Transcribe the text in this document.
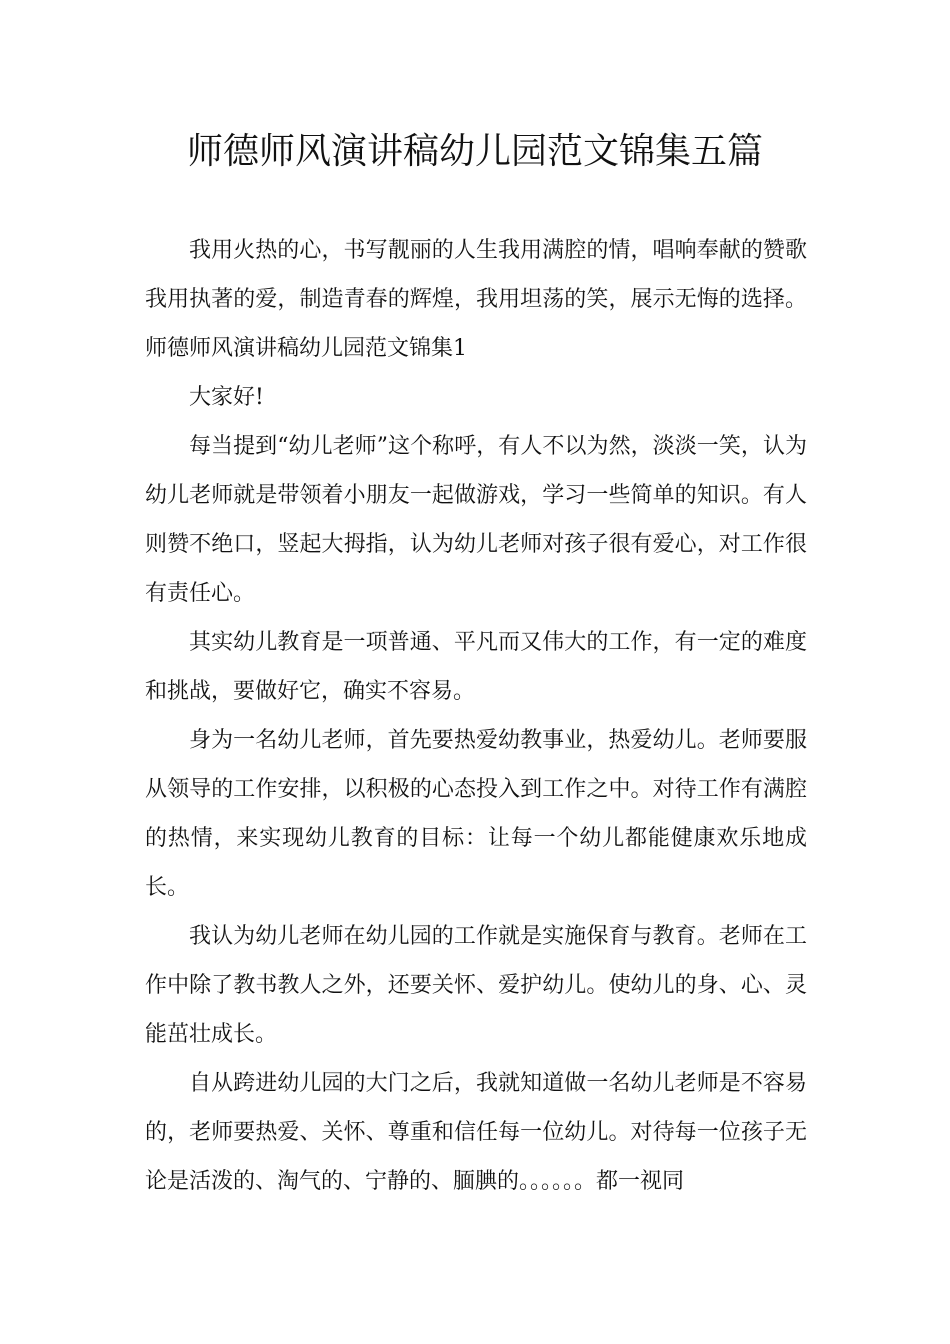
师德师风演讲稿幼儿园范文锦集五篇

我用火热的心，书写靓丽的人生我用满腔的情，唱响奉献的赞歌我用执著的爱，制造青春的辉煌，我用坦荡的笑，展示无悔的选择。师德师风演讲稿幼儿园范文锦集1

大家好!

每当提到“幼儿老师”这个称呼，有人不以为然，淡淡一笑，认为幼儿老师就是带领着小朋友一起做游戏，学习一些简单的知识。有人则赞不绝口，竖起大拇指，认为幼儿老师对孩子很有爱心，对工作很有责任心。

其实幼儿教育是一项普通、平凡而又伟大的工作，有一定的难度和挑战，要做好它，确实不容易。

身为一名幼儿老师，首先要热爱幼教事业，热爱幼儿。老师要服从领导的工作安排，以积极的心态投入到工作之中。对待工作有满腔的热情，来实现幼儿教育的目标：让每一个幼儿都能健康欢乐地成长。

我认为幼儿老师在幼儿园的工作就是实施保育与教育。老师在工作中除了教书教人之外，还要关怀、爱护幼儿。使幼儿的身、心、灵能茁壮成长。

自从跨进幼儿园的大门之后，我就知道做一名幼儿老师是不容易的，老师要热爱、关怀、尊重和信任每一位幼儿。对待每一位孩子无论是活泼的、淘气的、宁静的、腼腆的。。。。。。都一视同
